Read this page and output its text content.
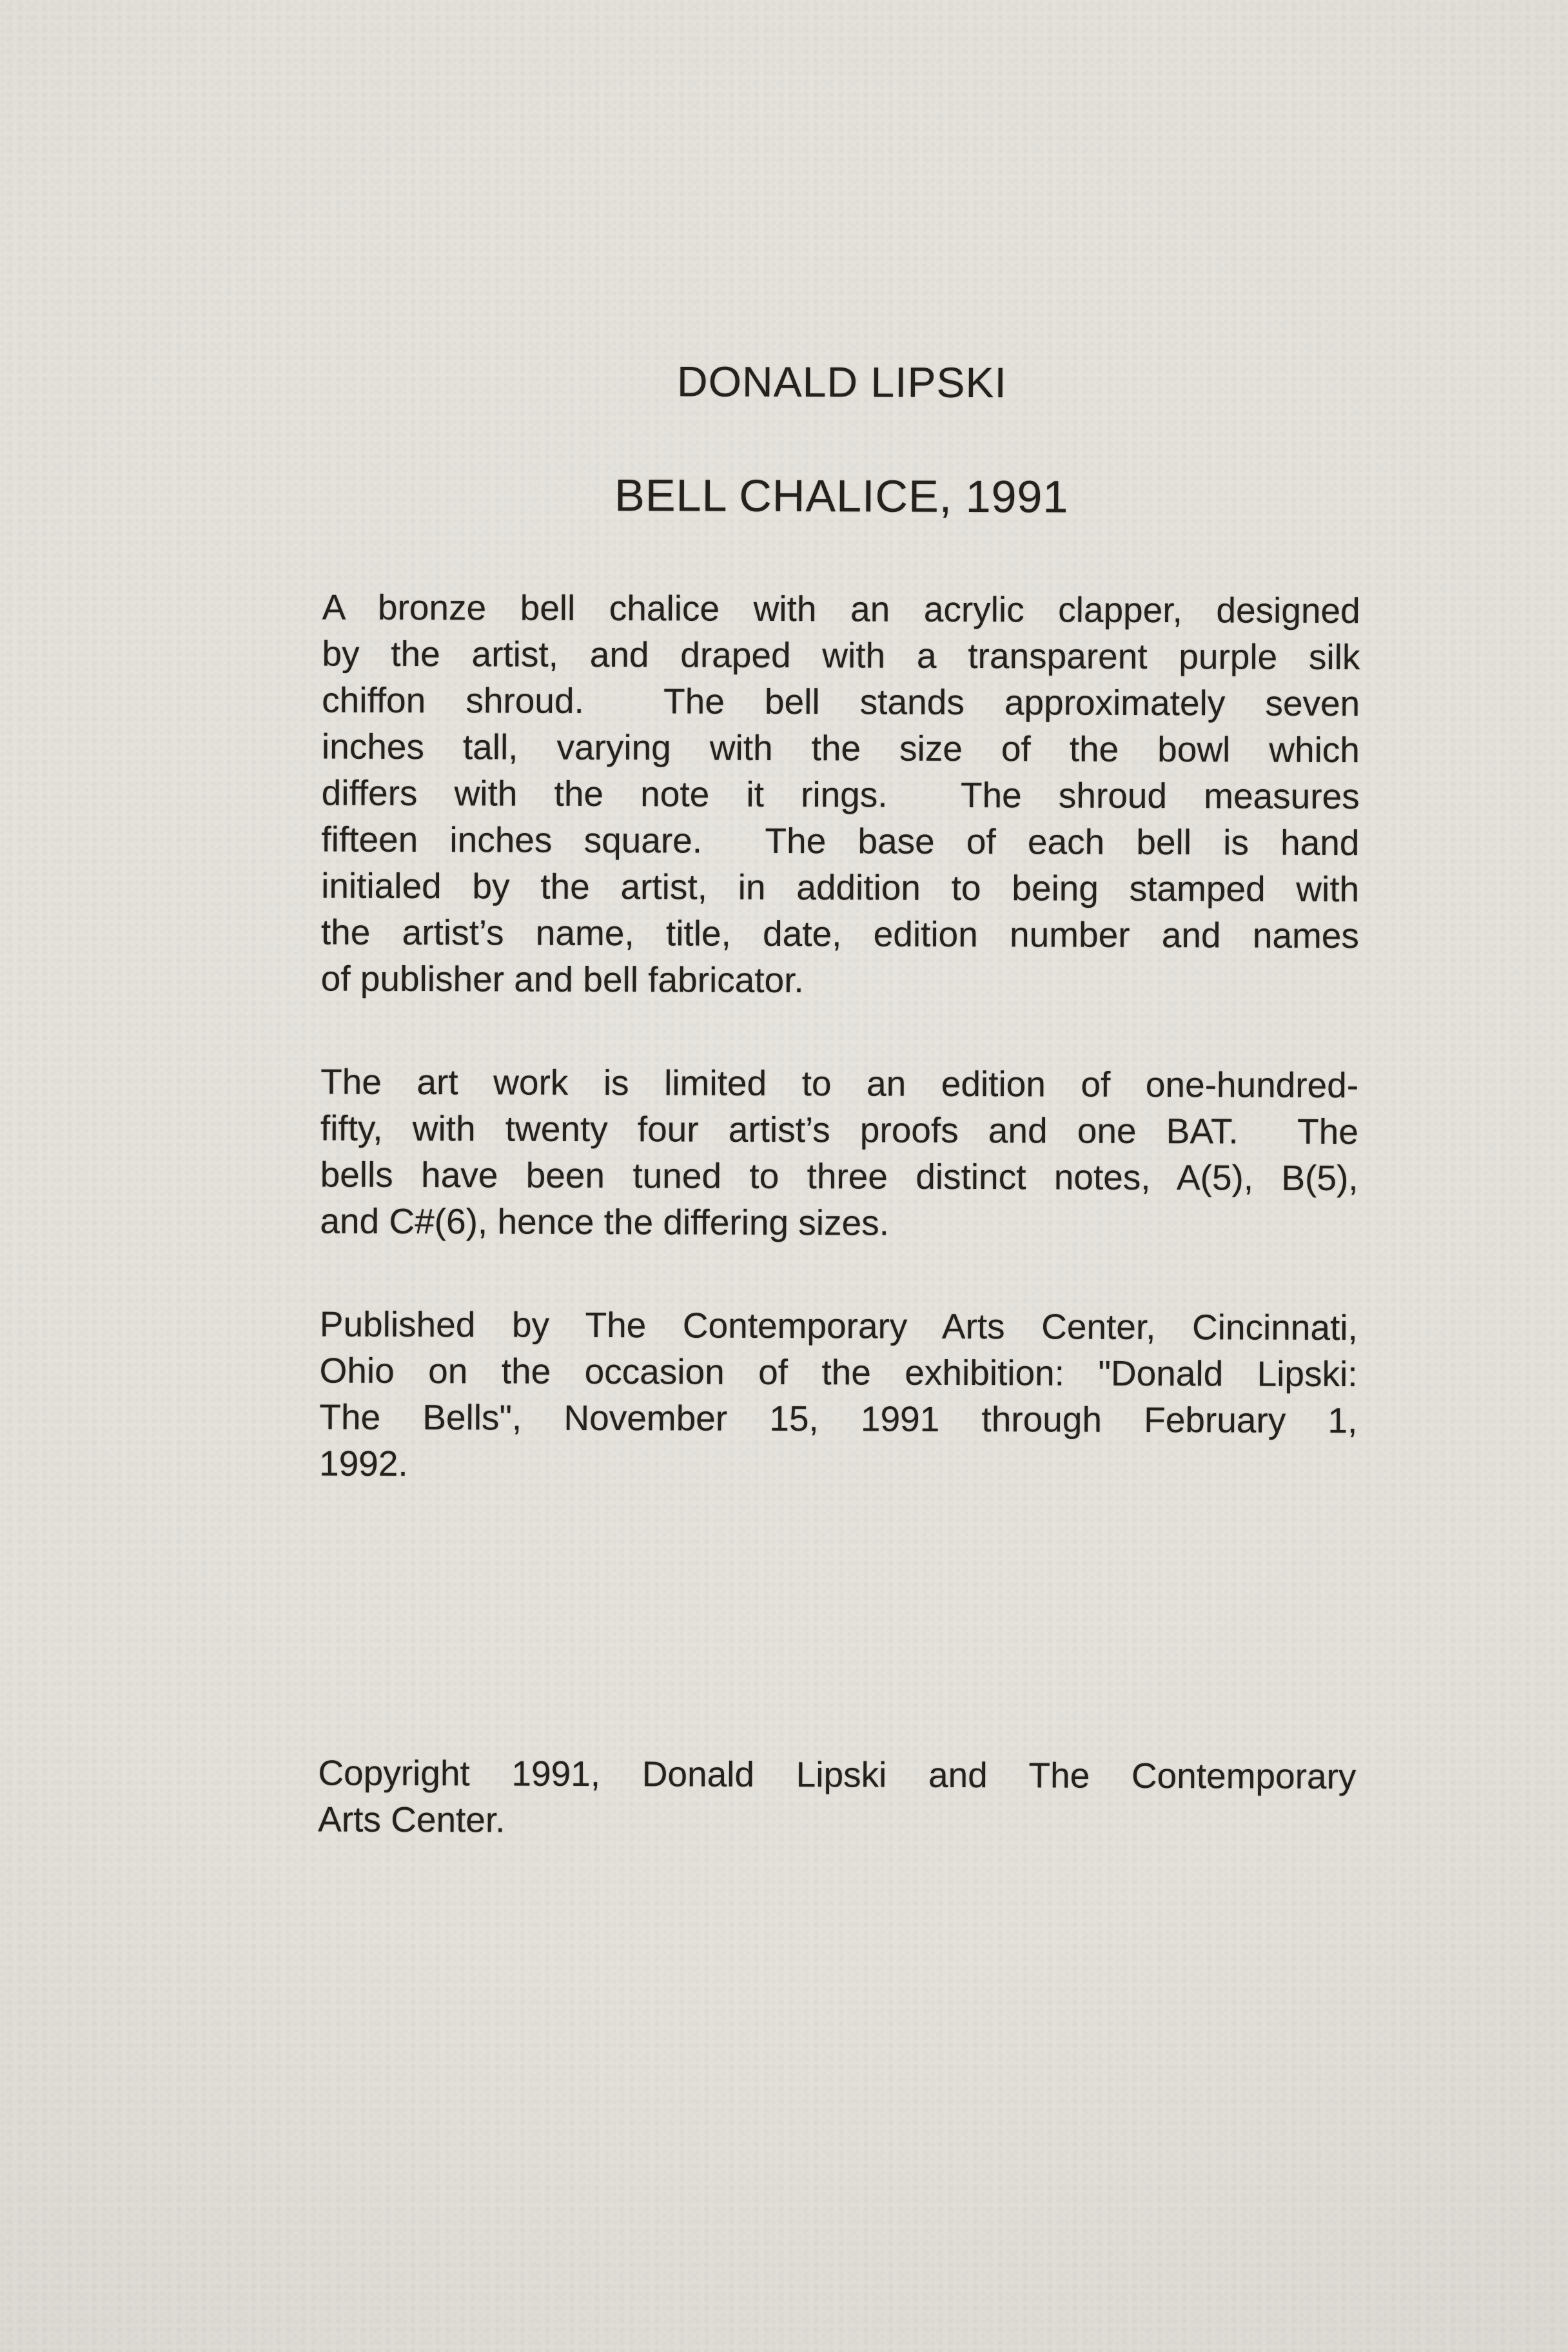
DONALD LIPSKI
BELL CHALICE, 1991
A bronze bell chalice with an acrylic clapper, designed
by the artist, and draped with a transparent purple silk
chiffon shroud.  The bell stands approximately seven
inches tall, varying with the size of the bowl which
differs with the note it rings.  The shroud measures
fifteen inches square.  The base of each bell is hand
initialed by the artist, in addition to being stamped with
the artist’s name, title, date, edition number and names
of publisher and bell fabricator.
The art work is limited to an edition of one-hundred-
fifty, with twenty four artist’s proofs and one BAT.  The
bells have been tuned to three distinct notes, A(5), B(5),
and C#(6), hence the differing sizes.
Published by The Contemporary Arts Center, Cincinnati,
Ohio on the occasion of the exhibition: "Donald Lipski:
The Bells", November 15, 1991 through February 1,
1992.
Copyright 1991, Donald Lipski and The Contemporary
Arts Center.
